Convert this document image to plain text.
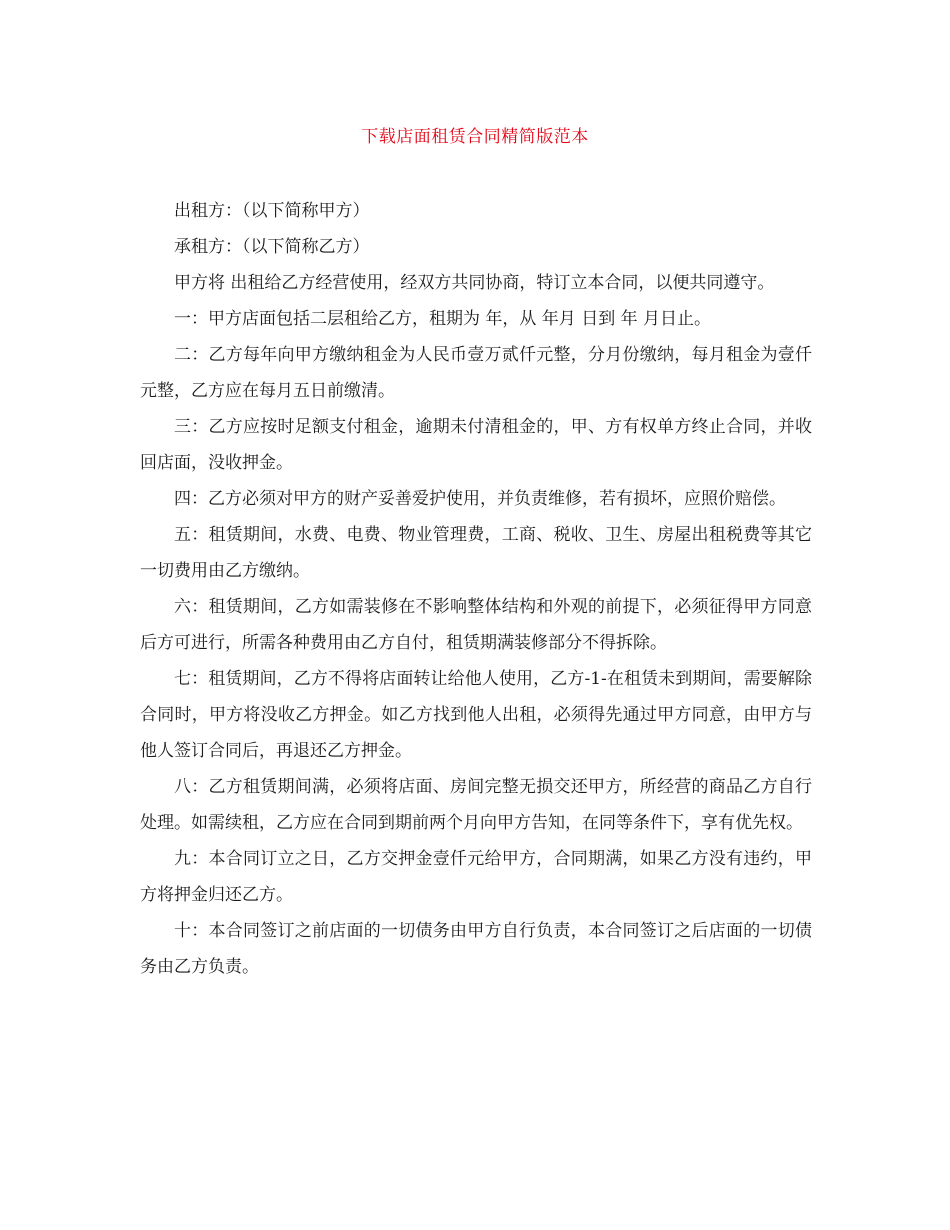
下载店面租赁合同精简版范本

出租方：（以下简称甲方）

承租方：（以下简称乙方）

甲方将 出租给乙方经营使用，经双方共同协商，特订立本合同，以便共同遵守。

一：甲方店面包括二层租给乙方，租期为 年，从 年月 日到 年 月日止。

二：乙方每年向甲方缴纳租金为人民币壹万贰仟元整，分月份缴纳，每月租金为壹仟元整，乙方应在每月五日前缴清。

三：乙方应按时足额支付租金，逾期未付清租金的，甲、方有权单方终止合同，并收回店面，没收押金。

四：乙方必须对甲方的财产妥善爱护使用，并负责维修，若有损坏，应照价赔偿。

五：租赁期间，水费、电费、物业管理费，工商、税收、卫生、房屋出租税费等其它一切费用由乙方缴纳。

六：租赁期间，乙方如需装修在不影响整体结构和外观的前提下，必须征得甲方同意后方可进行，所需各种费用由乙方自付，租赁期满装修部分不得拆除。

七：租赁期间，乙方不得将店面转让给他人使用，乙方-1-在租赁未到期间，需要解除合同时，甲方将没收乙方押金。如乙方找到他人出租，必须得先通过甲方同意，由甲方与他人签订合同后，再退还乙方押金。

八：乙方租赁期间满，必须将店面、房间完整无损交还甲方，所经营的商品乙方自行处理。如需续租，乙方应在合同到期前两个月向甲方告知，在同等条件下，享有优先权。

九：本合同订立之日，乙方交押金壹仟元给甲方，合同期满，如果乙方没有违约，甲方将押金归还乙方。

十：本合同签订之前店面的一切债务由甲方自行负责，本合同签订之后店面的一切债务由乙方负责。
